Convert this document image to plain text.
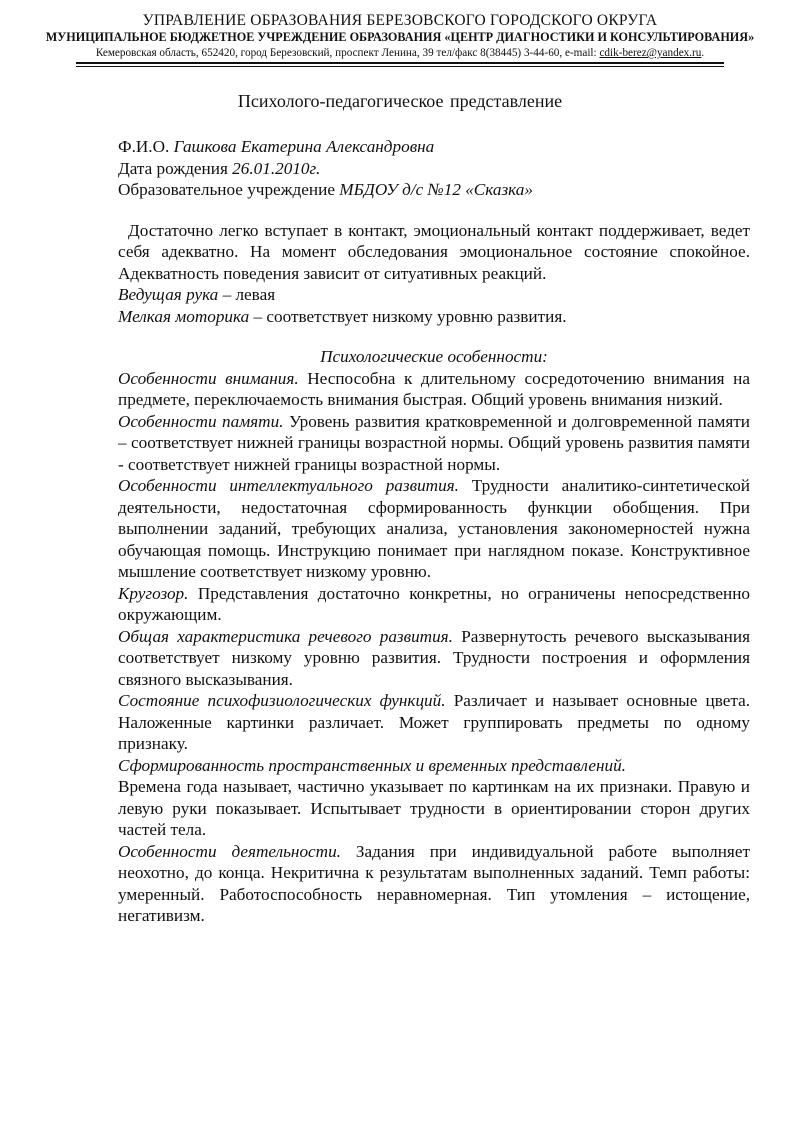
УПРАВЛЕНИЕ ОБРАЗОВАНИЯ БЕРЕЗОВСКОГО ГОРОДСКОГО ОКРУГА
МУНИЦИПАЛЬНОЕ БЮДЖЕТНОЕ УЧРЕЖДЕНИЕ ОБРАЗОВАНИЯ «ЦЕНТР ДИАГНОСТИКИ И КОНСУЛЬТИРОВАНИЯ»
Кемеровская область, 652420, город Березовский, проспект Ленина, 39 тел/факс 8(38445) 3-44-60, e-mail: cdik-berez@yandex.ru.
Психолого-педагогическое представление

Ф.И.О. Гашкова Екатерина Александровна

Дата рождения 26.01.2010г.

Образовательное учреждение МБДОУ д/с №12 «Сказка»

Достаточно легко вступает в контакт, эмоциональный контакт поддерживает, ведет себя адекватно. На момент обследования эмоциональное состояние спокойное. Адекватность поведения зависит от ситуативных реакций.

Ведущая рука – левая

Мелкая моторика – соответствует низкому уровню развития.

Психологические особенности:

Особенности внимания. Неспособна к длительному сосредоточению внимания на предмете, переключаемость внимания быстрая. Общий уровень внимания низкий.

Особенности памяти. Уровень развития кратковременной и долговременной памяти – соответствует нижней границы возрастной нормы. Общий уровень развития памяти - соответствует нижней границы возрастной нормы.

Особенности интеллектуального развития. Трудности аналитико-синтетической деятельности, недостаточная сформированность функции обобщения. При выполнении заданий, требующих анализа, установления закономерностей нужна обучающая помощь. Инструкцию понимает при наглядном показе. Конструктивное мышление соответствует низкому уровню.

Кругозор. Представления достаточно конкретны, но ограничены непосредственно окружающим.

Общая характеристика речевого развития. Развернутость речевого высказывания соответствует низкому уровню развития. Трудности построения и оформления связного высказывания.

Состояние психофизиологических функций. Различает и называет основные цвета. Наложенные картинки различает. Может группировать предметы по одному признаку.

Сформированность пространственных и временных представлений.

Времена года называет, частично указывает по картинкам на их признаки. Правую и левую руки показывает. Испытывает трудности в ориентировании сторон других частей тела.

Особенности деятельности. Задания при индивидуальной работе выполняет неохотно, до конца. Некритична к результатам выполненных заданий. Темп работы: умеренный. Работоспособность неравномерная. Тип утомления – истощение, негативизм.
